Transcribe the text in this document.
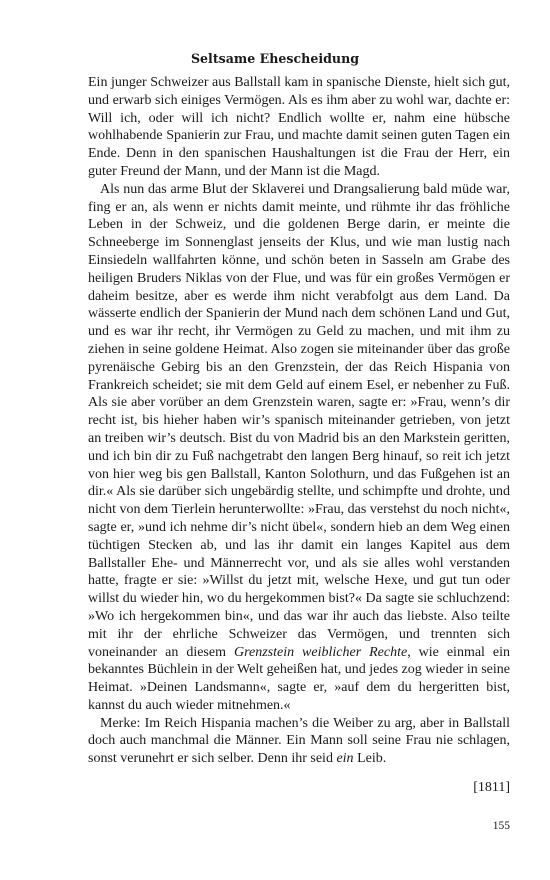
Seltsame Ehescheidung

Ein junger Schweizer aus Ballstall kam in spanische Dienste, hielt sich gut, und erwarb sich einiges Vermögen. Als es ihm aber zu wohl war, dachte er: Will ich, oder will ich nicht? Endlich wollte er, nahm eine hübsche wohlhabende Spanierin zur Frau, und machte damit seinen guten Tagen ein Ende. Denn in den spanischen Haushaltungen ist die Frau der Herr, ein guter Freund der Mann, und der Mann ist die Magd.

Als nun das arme Blut der Sklaverei und Drangsalierung bald müde war, fing er an, als wenn er nichts damit meinte, und rühmte ihr das fröhliche Leben in der Schweiz, und die goldenen Berge darin, er meinte die Schneeberge im Sonnenglast jenseits der Klus, und wie man lustig nach Einsiedeln wallfahrten könne, und schön beten in Sasseln am Grabe des heiligen Bruders Niklas von der Flue, und was für ein großes Vermögen er daheim besitze, aber es werde ihm nicht verabfolgt aus dem Land. Da wässerte endlich der Spanierin der Mund nach dem schönen Land und Gut, und es war ihr recht, ihr Vermögen zu Geld zu machen, und mit ihm zu ziehen in seine goldene Heimat. Also zogen sie miteinander über das große pyrenäische Gebirg bis an den Grenzstein, der das Reich Hispania von Frankreich scheidet; sie mit dem Geld auf einem Esel, er nebenher zu Fuß. Als sie aber vorüber an dem Grenzstein waren, sagte er: »Frau, wenn’s dir recht ist, bis hieher haben wir’s spanisch miteinander getrieben, von jetzt an treiben wir’s deutsch. Bist du von Madrid bis an den Markstein geritten, und ich bin dir zu Fuß nachgetrabt den langen Berg hinauf, so reit ich jetzt von hier weg bis gen Ballstall, Kanton Solothurn, und das Fußgehen ist an dir.« Als sie darüber sich ungebärdig stellte, und schimpfte und drohte, und nicht von dem Tierlein herunterwollte: »Frau, das verstehst du noch nicht«, sagte er, »und ich nehme dir’s nicht übel«, sondern hieb an dem Weg einen tüchtigen Stecken ab, und las ihr damit ein langes Kapitel aus dem Ballstaller Ehe- und Männerrecht vor, und als sie alles wohl verstanden hatte, fragte er sie: »Willst du jetzt mit, welsche Hexe, und gut tun oder willst du wieder hin, wo du hergekommen bist?« Da sagte sie schluchzend: »Wo ich hergekommen bin«, und das war ihr auch das liebste. Also teilte mit ihr der ehrliche Schweizer das Vermögen, und trennten sich voneinander an diesem Grenzstein weiblicher Rechte, wie einmal ein bekanntes Büchlein in der Welt geheißen hat, und jedes zog wieder in seine Heimat. »Deinen Landsmann«, sagte er, »auf dem du hergeritten bist, kannst du auch wieder mitnehmen.«

Merke: Im Reich Hispania machen’s die Weiber zu arg, aber in Ballstall doch auch manchmal die Männer. Ein Mann soll seine Frau nie schlagen, sonst verunehrt er sich selber. Denn ihr seid ein Leib.

[1811]
155
